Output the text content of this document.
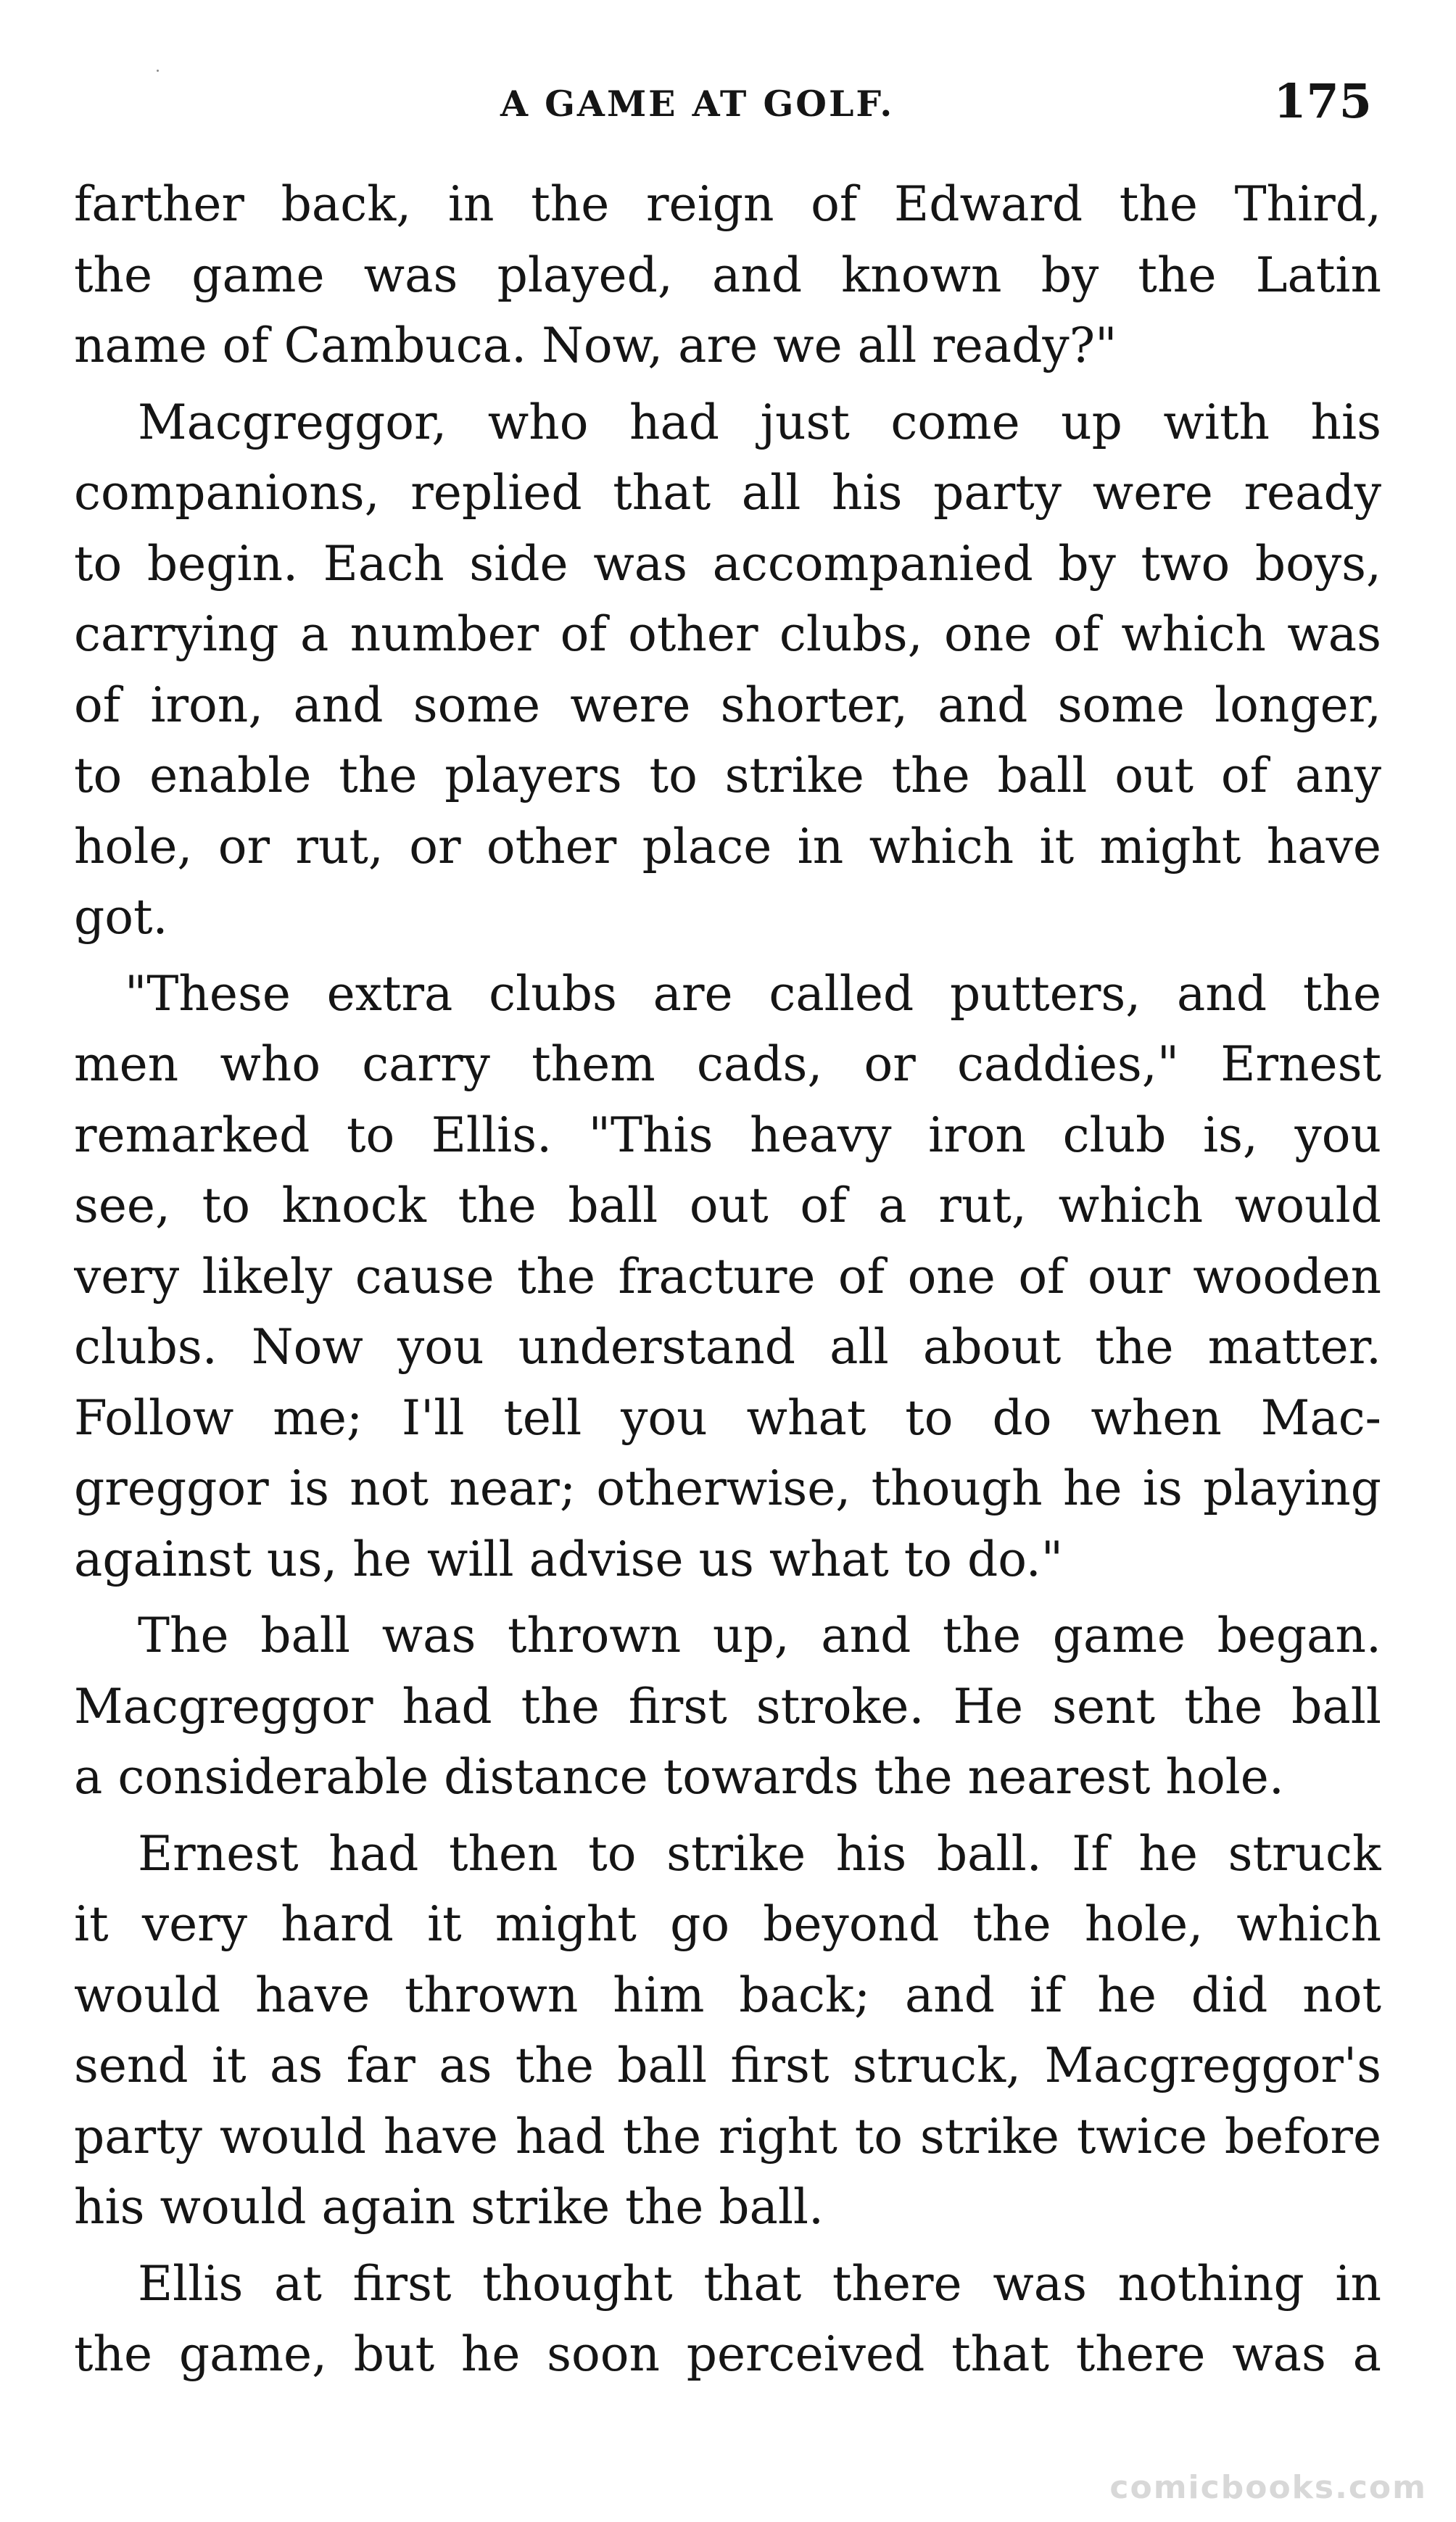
A GAME AT GOLF.	175
farther back, in the reign of Edward the Third,
the game was played, and known by the Latin
name of Cambuca. Now, are we all ready?"
Macgreggor, who had just come up with his
companions, replied that all his party were ready
to begin. Each side was accompanied by two boys,
carrying a number of other clubs, one of which was
of iron, and some were shorter, and some longer,
to enable the players to strike the ball out of any
hole, or rut, or other place in which it might have
got.
"These extra clubs are called putters, and the
men who carry them cads, or caddies," Ernest
remarked to Ellis. "This heavy iron club is, you
see, to knock the ball out of a rut, which would
very likely cause the fracture of one of our wooden
clubs. Now you understand all about the matter.
Follow me; I'll tell you what to do when Mac-
greggor is not near; otherwise, though he is playing
against us, he will advise us what to do."
The ball was thrown up, and the game began.
Macgreggor had the first stroke. He sent the ball
a considerable distance towards the nearest hole.
Ernest had then to strike his ball. If he struck
it very hard it might go beyond the hole, which
would have thrown him back; and if he did not
send it as far as the ball first struck, Macgreggor's
party would have had the right to strike twice before
his would again strike the ball.
Ellis at first thought that there was nothing in
the game, but he soon perceived that there was a
comicbooks.com
